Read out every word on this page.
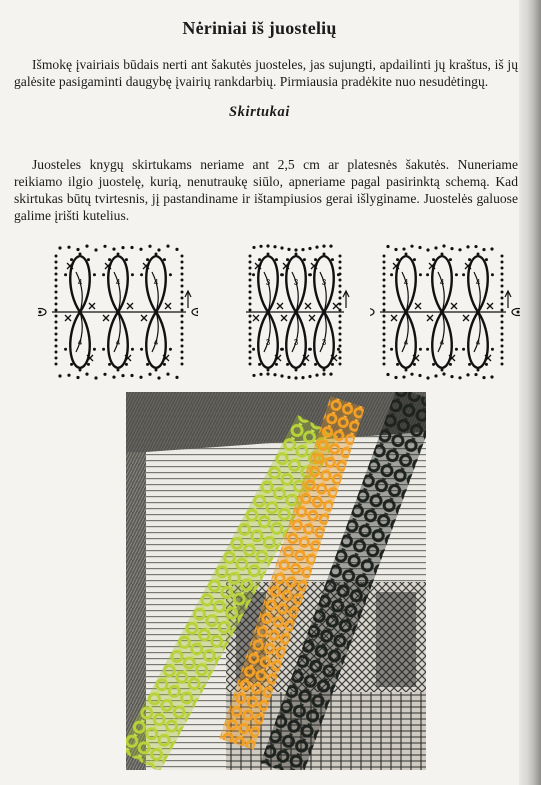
Nėriniai iš juostelių

Išmokę įvairiais būdais nerti ant šakutės juosteles, jas sujungti, apdailinti jų kraštus, iš jų galėsite pasigaminti daugybę įvairių rankdarbių. Pirmiausia pradėkite nuo nesudėtingų.

Skirtukai

Juosteles knygų skirtukams neriame ant 2,5 cm ar platesnės šakutės. Nuneriame reikiamo ilgio juostelę, kurią, nenutraukę siūlo, apneriame pagal pasirinktą schemą. Kad skirtukas būtų tvirtesnis, jį pastandiname ir ištampiusios gerai išlyginame. Juostelės galuose galime įrišti kutelius.

4
4
4
4
4
4
3
3
3
3
3
3
4
4
4
4
4
4
